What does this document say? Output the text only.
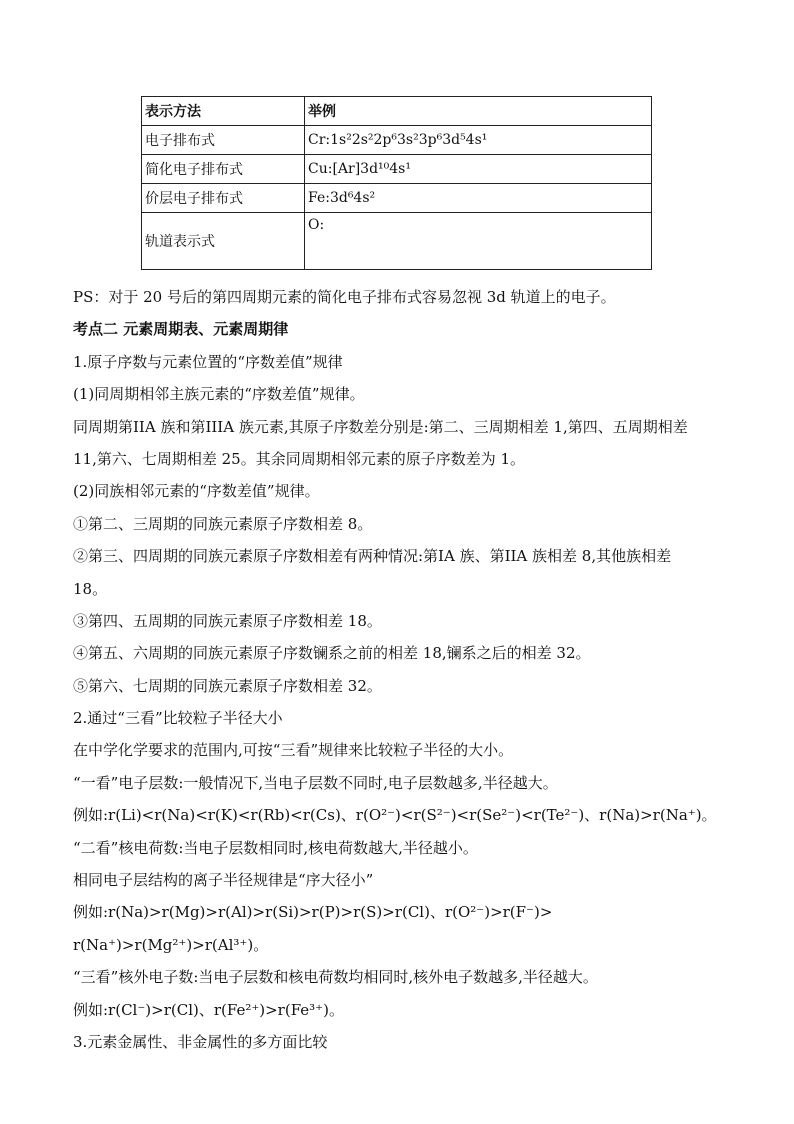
表示方法	举例
电子排布式	Cr:1s²2s²2p⁶3s²3p⁶3d⁵4s¹
简化电子排布式	Cu:[Ar]3d¹⁰4s¹
价层电子排布式	Fe:3d⁶4s²
轨道表示式	O:
PS：对于 20 号后的第四周期元素的简化电子排布式容易忽视 3d 轨道上的电子。
考点二 元素周期表、元素周期律
1.原子序数与元素位置的“序数差值”规律
(1)同周期相邻主族元素的“序数差值”规律。
同周期第IIA 族和第IIIA 族元素,其原子序数差分别是:第二、三周期相差 1,第四、五周期相差
11,第六、七周期相差 25。其余同周期相邻元素的原子序数差为 1。
(2)同族相邻元素的“序数差值”规律。
①第二、三周期的同族元素原子序数相差 8。
②第三、四周期的同族元素原子序数相差有两种情况:第IA 族、第IIA 族相差 8,其他族相差
18。
③第四、五周期的同族元素原子序数相差 18。
④第五、六周期的同族元素原子序数镧系之前的相差 18,镧系之后的相差 32。
⑤第六、七周期的同族元素原子序数相差 32。
2.通过“三看”比较粒子半径大小
在中学化学要求的范围内,可按“三看”规律来比较粒子半径的大小。
“一看”电子层数:一般情况下,当电子层数不同时,电子层数越多,半径越大。
例如:r(Li)<r(Na)<r(K)<r(Rb)<r(Cs)、r(O²⁻)<r(S²⁻)<r(Se²⁻)<r(Te²⁻)、r(Na)>r(Na⁺)。
“二看”核电荷数:当电子层数相同时,核电荷数越大,半径越小。
相同电子层结构的离子半径规律是“序大径小”
例如:r(Na)>r(Mg)>r(Al)>r(Si)>r(P)>r(S)>r(Cl)、r(O²⁻)>r(F⁻)>
r(Na⁺)>r(Mg²⁺)>r(Al³⁺)。
“三看”核外电子数:当电子层数和核电荷数均相同时,核外电子数越多,半径越大。
例如:r(Cl⁻)>r(Cl)、r(Fe²⁺)>r(Fe³⁺)。
3.元素金属性、非金属性的多方面比较
